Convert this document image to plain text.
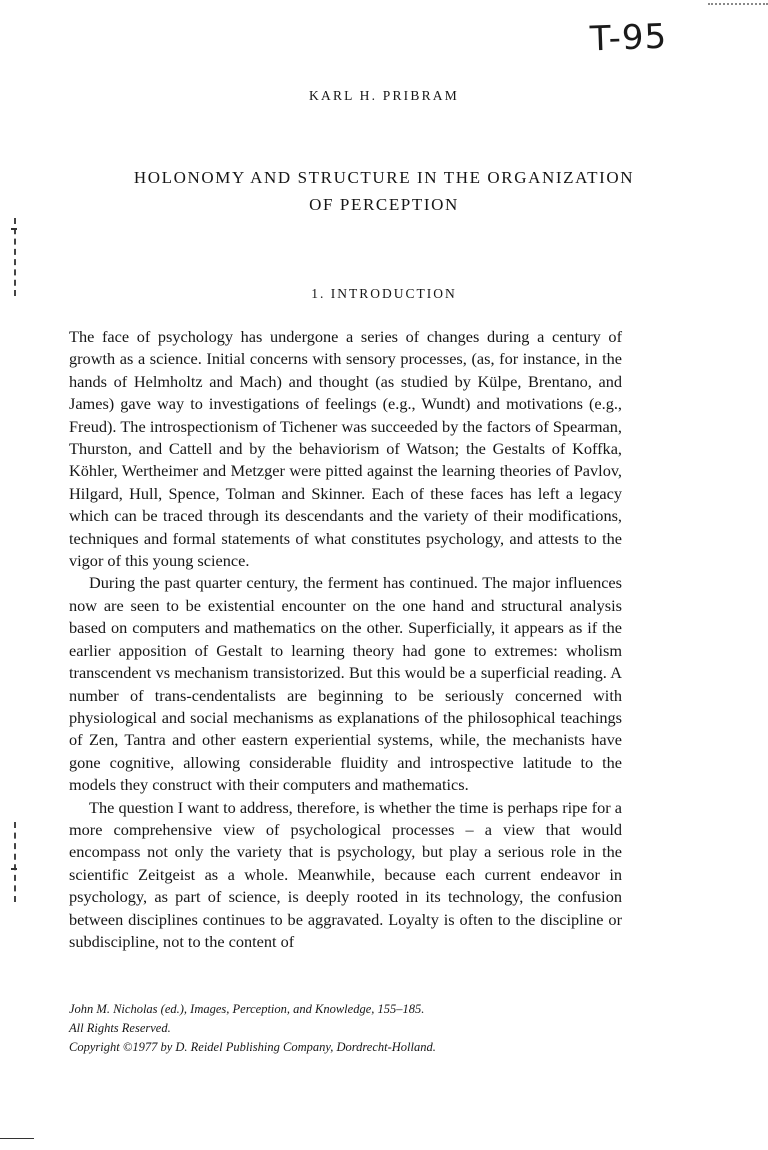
T-95
KARL H. PRIBRAM
HOLONOMY AND STRUCTURE IN THE ORGANIZATION
OF PERCEPTION
1. INTRODUCTION

The face of psychology has undergone a series of changes during a century of growth as a science. Initial concerns with sensory processes, (as, for instance, in the hands of Helmholtz and Mach) and thought (as studied by Külpe, Brentano, and James) gave way to investigations of feelings (e.g., Wundt) and motivations (e.g., Freud). The introspectionism of Tichener was succeeded by the factors of Spearman, Thurston, and Cattell and by the behaviorism of Watson; the Gestalts of Koffka, Köhler, Wertheimer and Metzger were pitted against the learning theories of Pavlov, Hilgard, Hull, Spence, Tolman and Skinner. Each of these faces has left a legacy which can be traced through its descendants and the variety of their modifications, techniques and formal statements of what constitutes psychology, and attests to the vigor of this young science.

During the past quarter century, the ferment has continued. The major influences now are seen to be existential encounter on the one hand and structural analysis based on computers and mathematics on the other. Superficially, it appears as if the earlier apposition of Gestalt to learning theory had gone to extremes: wholism transcendent vs mechanism transistorized. But this would be a superficial reading. A number of trans-cendentalists are beginning to be seriously concerned with physiological and social mechanisms as explanations of the philosophical teachings of Zen, Tantra and other eastern experiential systems, while, the mechanists have gone cognitive, allowing considerable fluidity and introspective latitude to the models they construct with their computers and mathematics.

The question I want to address, therefore, is whether the time is perhaps ripe for a more comprehensive view of psychological processes – a view that would encompass not only the variety that is psychology, but play a serious role in the scientific Zeitgeist as a whole. Meanwhile, because each current endeavor in psychology, as part of science, is deeply rooted in its technology, the confusion between disciplines continues to be aggravated. Loyalty is often to the discipline or subdiscipline, not to the content of

John M. Nicholas (ed.), Images, Perception, and Knowledge, 155–185.
All Rights Reserved.
Copyright ©1977 by D. Reidel Publishing Company, Dordrecht-Holland.
